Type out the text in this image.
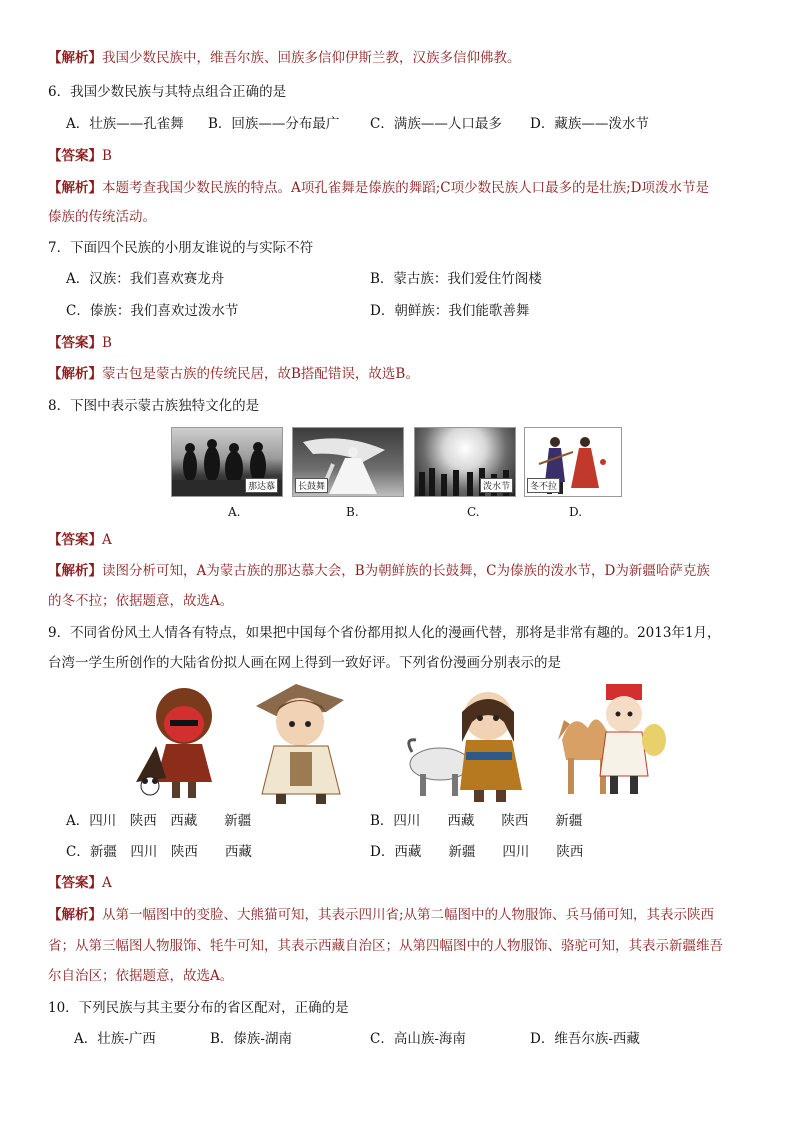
【解析】我国少数民族中，维吾尔族、回族多信仰伊斯兰教，汉族多信仰佛教。
6．我国少数民族与其特点组合正确的是
A．壮族——孔雀舞 B．回族——分布最广 C．满族——人口最多 D．藏族——泼水节
【答案】B
【解析】本题考查我国少数民族的特点。A项孔雀舞是傣族的舞蹈;C项少数民族人口最多的是壮族;D项泼水节是
傣族的传统活动。
7．下面四个民族的小朋友谁说的与实际不符
A．汉族：我们喜欢赛龙舟	B．蒙古族：我们爱住竹阁楼
C．傣族：我们喜欢过泼水节	D．朝鲜族：我们能歌善舞
【答案】B
【解析】蒙古包是蒙古族的传统民居，故B搭配错误，故选B。
8．下图中表示蒙古族独特文化的是
那达慕	长鼓舞	泼水节	冬不拉
A.	B.	C.	D.
【答案】A
【解析】读图分析可知，A为蒙古族的那达慕大会，B为朝鲜族的长鼓舞，C为傣族的泼水节，D为新疆哈萨克族
的冬不拉；依据题意，故选A。
9．不同省份风土人情各有特点，如果把中国每个省份都用拟人化的漫画代替，那将是非常有趣的。2013年1月，
台湾一学生所创作的大陆省份拟人画在网上得到一致好评。下列省份漫画分别表示的是
A．四川　陕西　西藏　　新疆	B．四川　　西藏　　陕西　　新疆
C．新疆　四川　陕西　　西藏	D．西藏　　新疆　　四川　　陕西
【答案】A
【解析】从第一幅图中的变脸、大熊猫可知，其表示四川省;从第二幅图中的人物服饰、兵马俑可知，其表示陕西
省；从第三幅图人物服饰、牦牛可知，其表示西藏自治区；从第四幅图中的人物服饰、骆驼可知，其表示新疆维吾
尔自治区；依据题意，故选A。
10．下列民族与其主要分布的省区配对，正确的是
A．壮族-广西	B．傣族-湖南	C．高山族-海南	D．维吾尔族-西藏
